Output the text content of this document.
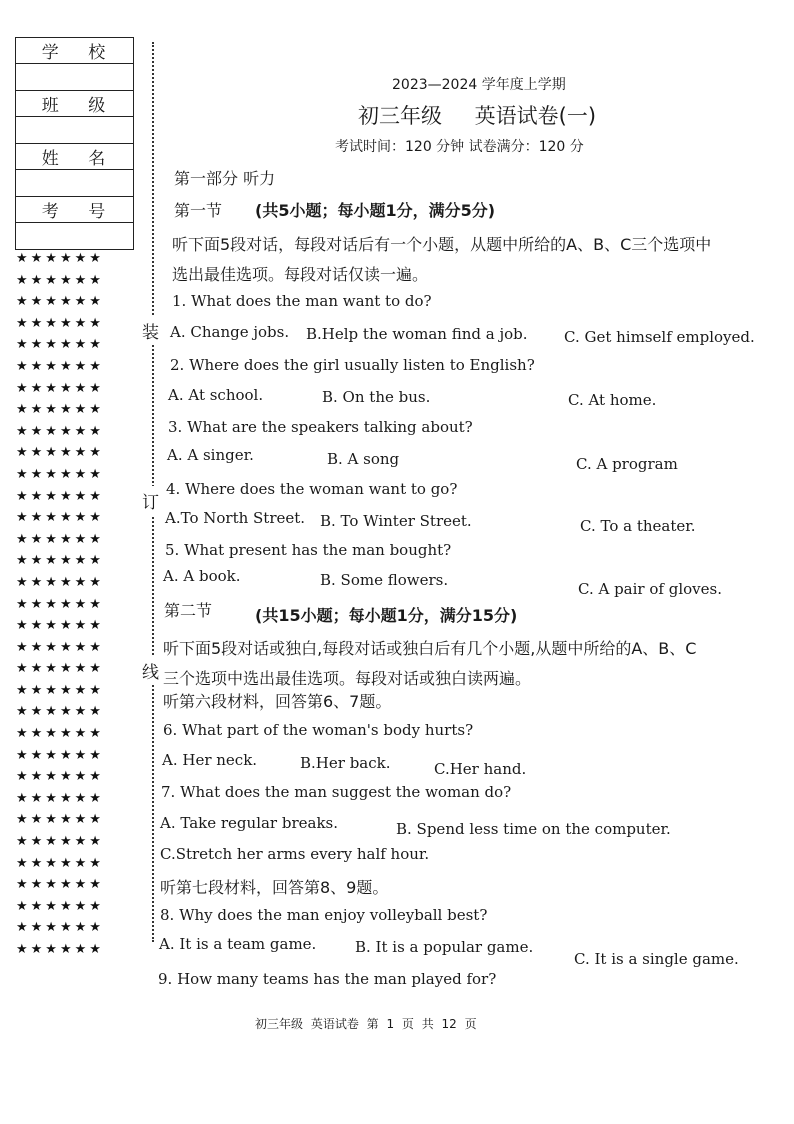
学 校
班 级
姓 名
考 号
★★★★★★
★★★★★★
★★★★★★
★★★★★★
★★★★★★
★★★★★★
★★★★★★
★★★★★★
★★★★★★
★★★★★★
★★★★★★
★★★★★★
★★★★★★
★★★★★★
★★★★★★
★★★★★★
★★★★★★
★★★★★★
★★★★★★
★★★★★★
★★★★★★
★★★★★★
★★★★★★
★★★★★★
★★★★★★
★★★★★★
★★★★★★
★★★★★★
★★★★★★
★★★★★★
★★★★★★
★★★★★★
★★★★★★
装
订
线
2023—2024 学年度上学期
初三年级 英语试卷(一)
考试时间：120 分钟 试卷满分：120 分
第一部分 听力
第一节 (共5小题；每小题1分，满分5分)
听下面5段对话，每段对话后有一个小题，从题中所给的A、B、C三个选项中
选出最佳选项。每段对话仅读一遍。
1. What does the man want to do?
A. Change jobs. B.Help the woman find a job. C. Get himself employed.
2. Where does the girl usually listen to English?
A. At school.	B. On the bus.	C. At home.
3. What are the speakers talking about?
A. A singer.	B. A song	C. A program
4. Where does the woman want to go?
A.To North Street. B. To Winter Street.	C. To a theater.
5. What present has the man bought?
A. A book.	B. Some flowers.	C. A pair of gloves.
第二节	(共15小题；每小题1分，满分15分)
听下面5段对话或独白,每段对话或独白后有几个小题,从题中所给的A、B、C
三个选项中选出最佳选项。每段对话或独白读两遍。
听第六段材料，回答第6、7题。
6. What part of the woman's body hurts?
A. Her neck.	B.Her back.	C.Her hand.
7. What does the man suggest the woman do?
A. Take regular breaks.	B. Spend less time on the computer.
C.Stretch her arms every half hour.
听第七段材料，回答第8、9题。
8. Why does the man enjoy volleyball best?
A. It is a team game.	B. It is a popular game.
C. It is a single game.
9. How many teams has the man played for?
初三年级 英语试卷 第 1 页 共 12 页
